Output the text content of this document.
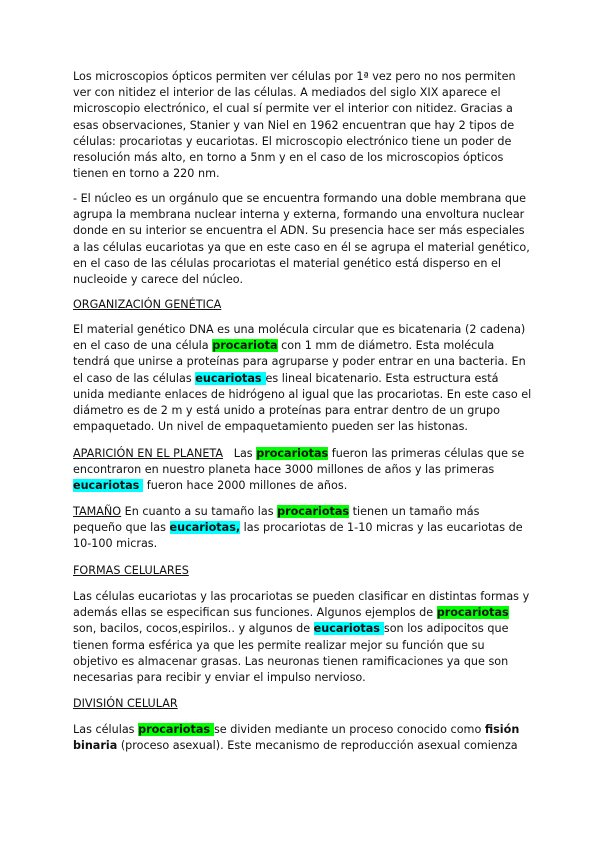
Los microscopios ópticos permiten ver células por 1ª vez pero no nos permiten
ver con nitidez el interior de las células. A mediados del siglo XIX aparece el
microscopio electrónico, el cual sí permite ver el interior con nitidez. Gracias a
esas observaciones, Stanier y van Niel en 1962 encuentran que hay 2 tipos de
células: procariotas y eucariotas. El microscopio electrónico tiene un poder de
resolución más alto, en torno a 5nm y en el caso de los microscopios ópticos
tienen en torno a 220 nm.
- El núcleo es un orgánulo que se encuentra formando una doble membrana que
agrupa la membrana nuclear interna y externa, formando una envoltura nuclear
donde en su interior se encuentra el ADN. Su presencia hace ser más especiales
a las células eucariotas ya que en este caso en él se agrupa el material genético,
en el caso de las células procariotas el material genético está disperso en el
nucleoide y carece del núcleo.
ORGANIZACIÓN GENÉTICA
El material genético DNA es una molécula circular que es bicatenaria (2 cadena)
en el caso de una célula procariota con 1 mm de diámetro. Esta molécula
tendrá que unirse a proteínas para agruparse y poder entrar en una bacteria. En
el caso de las células eucariotas es lineal bicatenario. Esta estructura está
unida mediante enlaces de hidrógeno al igual que las procariotas. En este caso el
diámetro es de 2 m y está unido a proteínas para entrar dentro de un grupo
empaquetado. Un nivel de empaquetamiento pueden ser las histonas.
APARICIÓN EN EL PLANETA   Las procariotas fueron las primeras células que se
encontraron en nuestro planeta hace 3000 millones de años y las primeras
eucariotas  fueron hace 2000 millones de años.
TAMAÑO En cuanto a su tamaño las procariotas tienen un tamaño más
pequeño que las eucariotas, las procariotas de 1-10 micras y las eucariotas de
10-100 micras.
FORMAS CELULARES
Las células eucariotas y las procariotas se pueden clasificar en distintas formas y
además ellas se especifican sus funciones. Algunos ejemplos de procariotas
son, bacilos, cocos,espirilos.. y algunos de eucariotas son los adipocitos que
tienen forma esférica ya que les permite realizar mejor su función que su
objetivo es almacenar grasas. Las neuronas tienen ramificaciones ya que son
necesarias para recibir y enviar el impulso nervioso.
DIVISIÓN CELULAR
Las células procariotas se dividen mediante un proceso conocido como fisión
binaria (proceso asexual). Este mecanismo de reproducción asexual comienza
